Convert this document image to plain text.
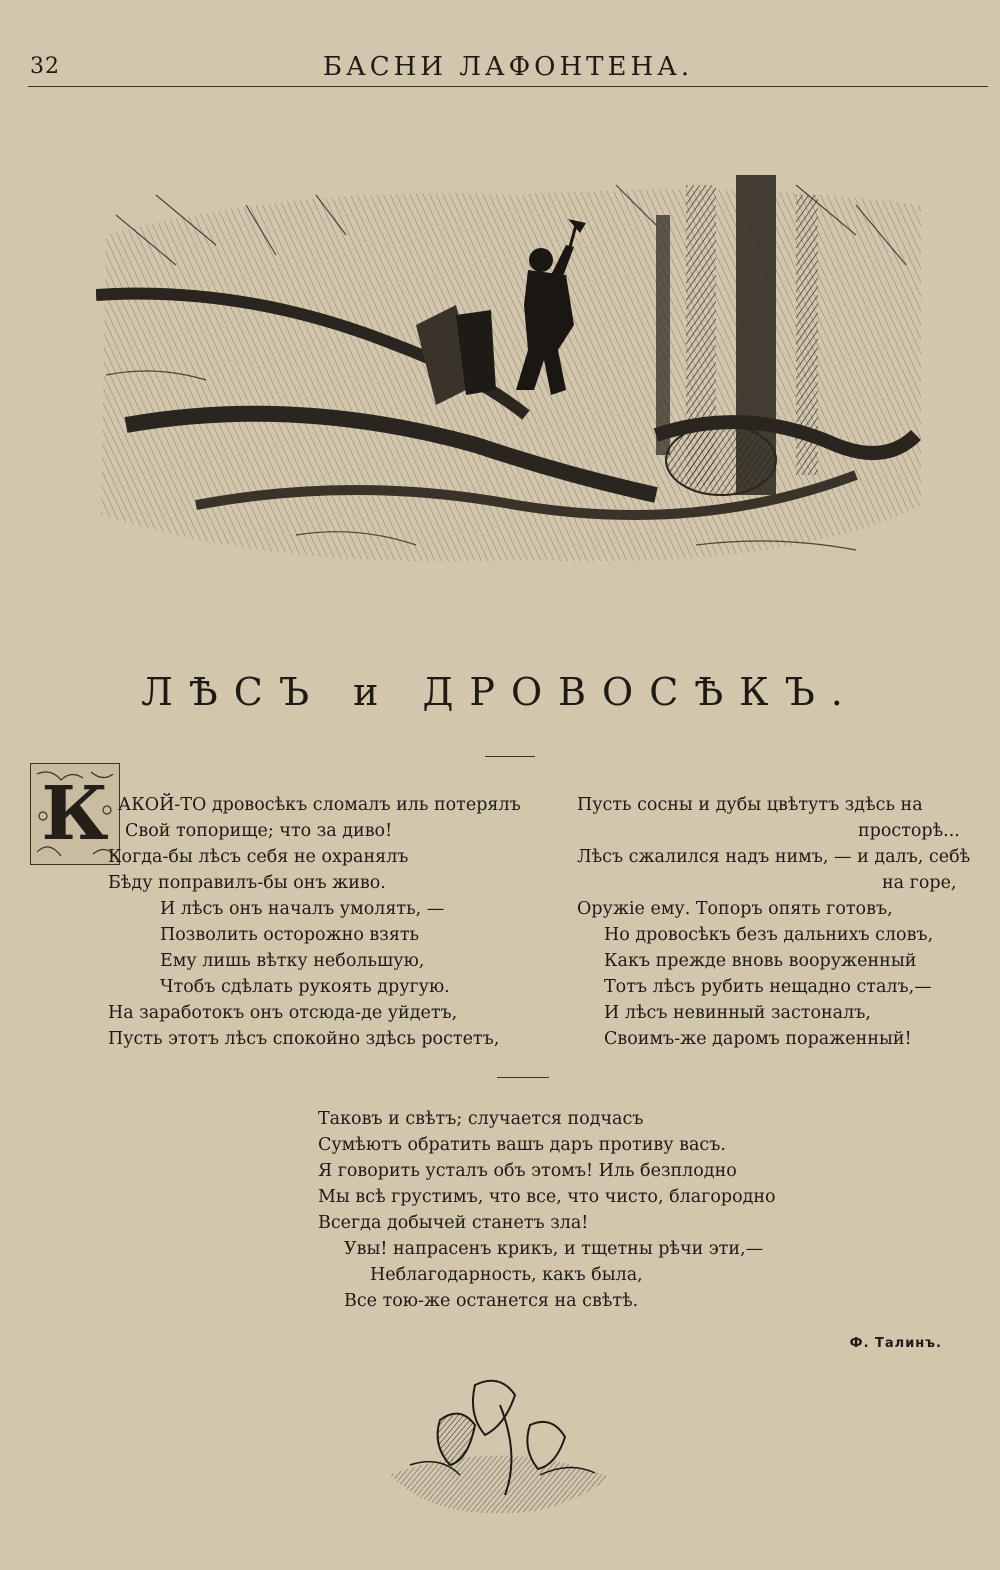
32	БАСНИ ЛАФОНТЕНА.
ЛѢСЪ и ДРОВОСѢКЪ.
К АКОЙ-ТО дровосѣкъ сломалъ иль потерялъ
Свой топорище; что за диво!
Когда-бы лѣсъ себя не охранялъ
Бѣду поправилъ-бы онъ живо.
И лѣсъ онъ началъ умолять, —
Позволить осторожно взять
Ему лишь вѣтку небольшую,
Чтобъ сдѣлать рукоять другую.
На заработокъ онъ отсюда-де уйдетъ,
Пусть этотъ лѣсъ спокойно здѣсь ростетъ,
Пусть сосны и дубы цвѣтутъ здѣсь на
просторѣ...
Лѣсъ сжалился надъ нимъ, — и далъ, себѣ
на горе,
Оружіе ему. Топоръ опять готовъ,
Но дровосѣкъ безъ дальнихъ словъ,
Какъ прежде вновь вооруженный
Тотъ лѣсъ рубить нещадно сталъ,—
И лѣсъ невинный застоналъ,
Своимъ-же даромъ пораженный!
Таковъ и свѣтъ; случается подчасъ
Сумѣютъ обратить вашъ даръ противу васъ.
Я говорить усталъ объ этомъ! Иль безплодно
Мы всѣ грустимъ, что все, что чисто, благородно
Всегда добычей станетъ зла!
Увы! напрасенъ крикъ, и тщетны рѣчи эти,—
Неблагодарность, какъ была,
Все тою-же останется на свѣтѣ.
Ф. Талинъ.
